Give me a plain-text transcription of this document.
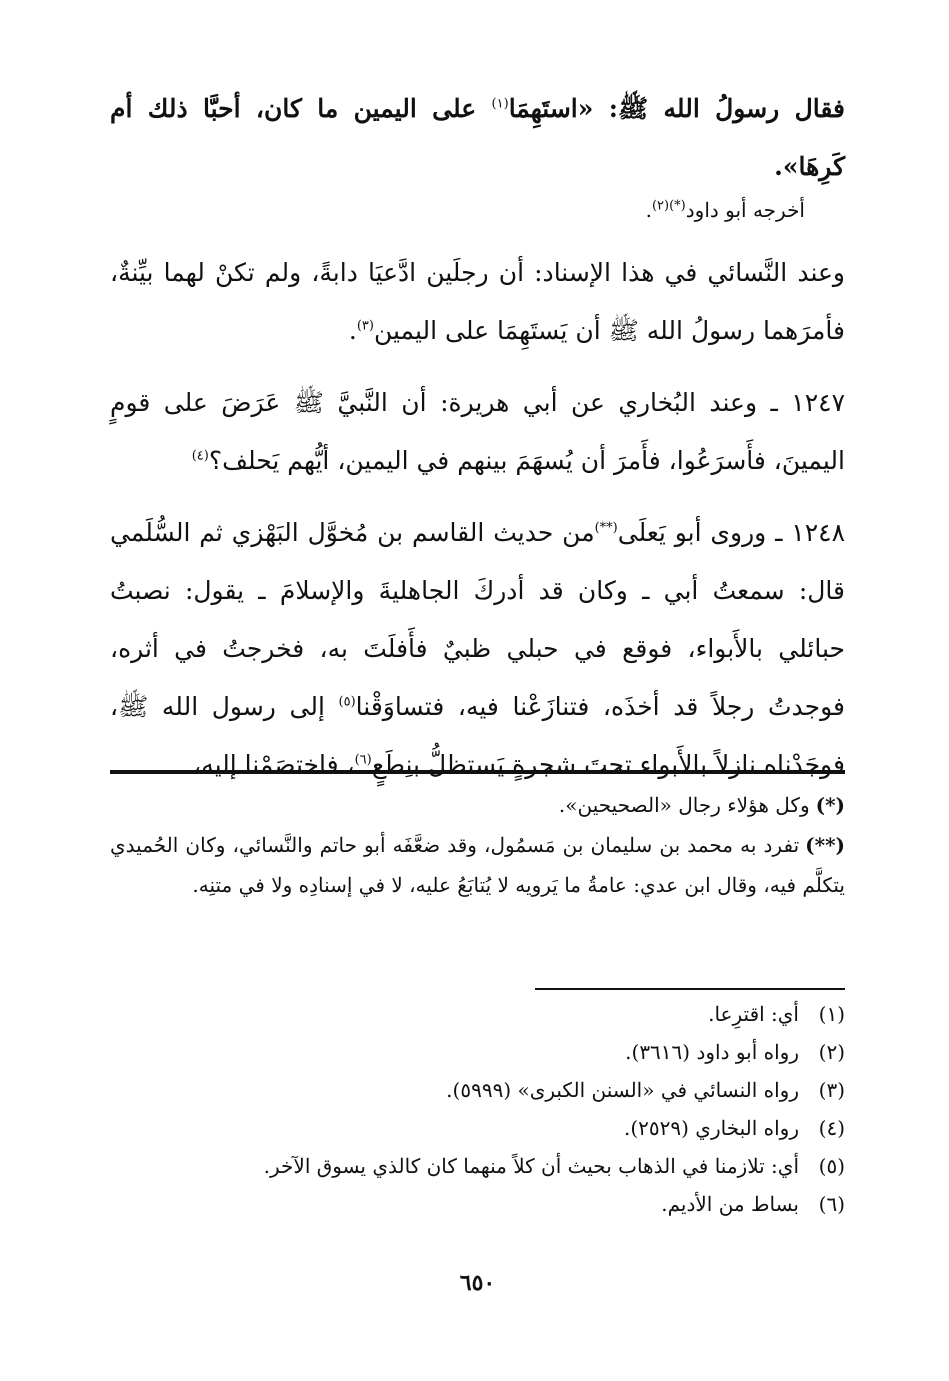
فقال رسولُ الله ﷺ: «استَهِمَا$^{(١)}$ على اليمين ما كان، أحبَّا ذلك أم كَرِهَا».

أخرجه أبو داود$^{(*)(٢)}$.

وعند النَّسائي في هذا الإسناد: أن رجلَين ادَّعيَا دابةً، ولم تكنْ لهما بيِّنةٌ، فأمرَهما رسولُ الله ﷺ أن يَستَهِمَا على اليمين$^{(٣)}$.

١٢٤٧ ـ وعند البُخاري عن أبي هريرة: أن النَّبيَّ ﷺ عَرَضَ على قومٍ اليمينَ، فأَسرَعُوا، فأَمرَ أن يُسهَمَ بينهم في اليمين، أيُّهم يَحلف؟$^{(٤)}$

١٢٤٨ ـ وروى أبو يَعلَى(**)من حديث القاسم بن مُخوَّل البَهْزي ثم السُّلَمي قال: سمعتُ أبي ـ وكان قد أدركَ الجاهليةَ والإسلامَ ـ يقول: نصبتُ حبائلي بالأَبواء، فوقع في حبلي ظبيٌ فأَفلَتَ به، فخرجتُ في أثره، فوجدتُ رجلاً قد أخذَه، فتنازَعْنا فيه، فتساوَقْنا$^{(٥)}$ إلى رسول الله ﷺ، فوجَدْناه نازلاً بالأَبواء تحتَ شجرةٍ يَستظلُّ بنِطَعٍ$^{(٦)}$، فاختصَمْنا إليه،

(*)وكل هؤلاء رجال «الصحيحين».

(**)تفرد به محمد بن سليمان بن مَسمُول، وقد ضعَّفَه أبو حاتم والنَّسائي، وكان الحُميدي يتكلَّم فيه، وقال ابن عدي: عامةُ ما يَرويه لا يُتابَعُ عليه، لا في إسنادِه ولا في متنِه.

(١)
أي: اقترِعا.
(٢)
رواه أبو داود (٣٦١٦).
(٣)
رواه النسائي في «السنن الكبرى» (٥٩٩٩).
(٤)
رواه البخاري (٢٥٢٩).
(٥)
أي: تلازمنا في الذهاب بحيث أن كلاً منهما كان كالذي يسوق الآخر.
(٦)
بساط من الأديم.
٦٥٠
